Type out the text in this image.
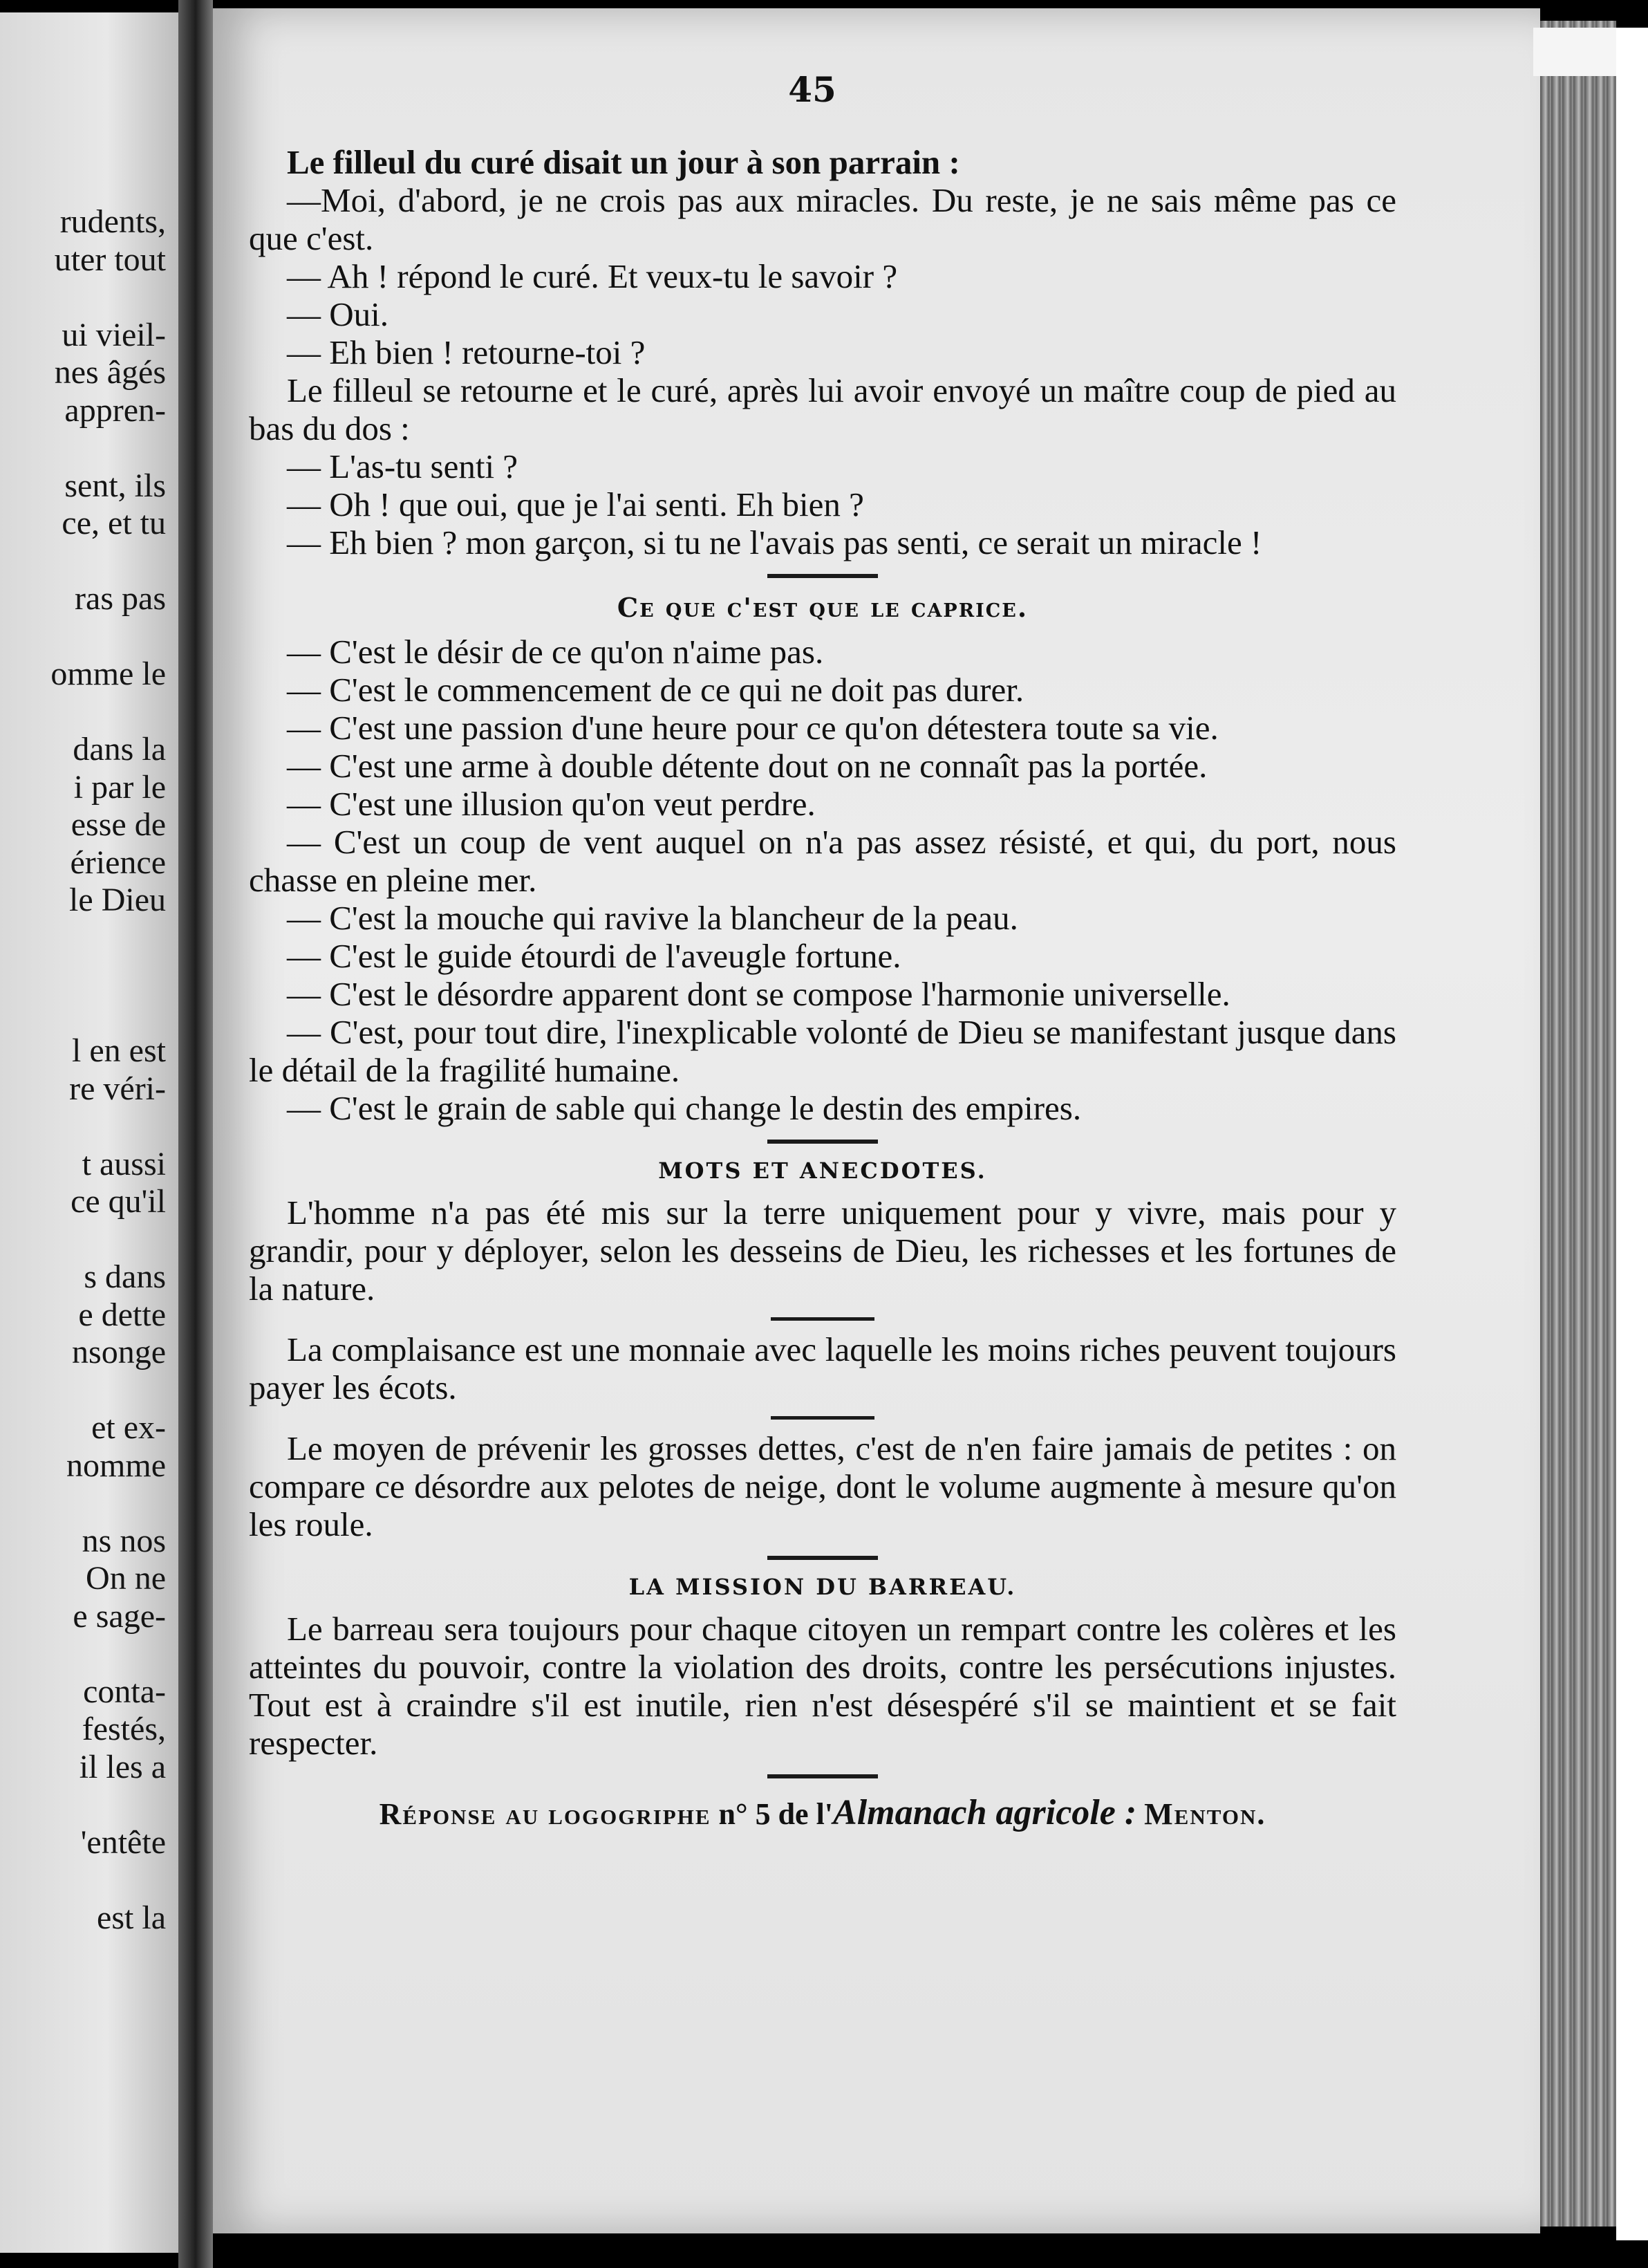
rudents,
uter tout
ui vieil-
nes âgés
appren-
sent, ils
ce, et tu
ras pas
omme le
dans la
i par le
esse de
érience
le Dieu
l en est
re véri-
t aussi
ce qu'il
s dans
e dette
nsonge
et ex-
nomme
ns nos
On ne
e sage-
conta-
festés,
il les a
'entête
est la
45

Le filleul du curé disait un jour à son parrain :

—Moi, d'abord, je ne crois pas aux miracles. Du reste, je ne sais même pas ce que c'est.

— Ah ! répond le curé. Et veux-tu le savoir ?

— Oui.

— Eh bien ! retourne-toi ?

Le filleul se retourne et le curé, après lui avoir envoyé un maître coup de pied au bas du dos :

— L'as-tu senti ?

— Oh ! que oui, que je l'ai senti. Eh bien ?

— Eh bien ? mon garçon, si tu ne l'avais pas senti, ce serait un miracle !

Ce que c'est que le caprice.

— C'est le désir de ce qu'on n'aime pas.

— C'est le commencement de ce qui ne doit pas durer.

— C'est une passion d'une heure pour ce qu'on détestera toute sa vie.

— C'est une arme à double détente dout on ne connaît pas la portée.

— C'est une illusion qu'on veut perdre.

— C'est un coup de vent auquel on n'a pas assez résisté, et qui, du port, nous chasse en pleine mer.

— C'est la mouche qui ravive la blancheur de la peau.

— C'est le guide étourdi de l'aveugle fortune.

— C'est le désordre apparent dont se compose l'harmonie universelle.

— C'est, pour tout dire, l'inexplicable volonté de Dieu se manifestant jusque dans le détail de la fragilité humaine.

— C'est le grain de sable qui change le destin des empires.

MOTS ET ANECDOTES.

L'homme n'a pas été mis sur la terre uniquement pour y vivre, mais pour y grandir, pour y déployer, selon les desseins de Dieu, les richesses et les fortunes de la nature.

La complaisance est une monnaie avec laquelle les moins riches peuvent toujours payer les écots.

Le moyen de prévenir les grosses dettes, c'est de n'en faire jamais de petites : on compare ce désordre aux pelotes de neige, dont le volume augmente à mesure qu'on les roule.

LA MISSION DU BARREAU.

Le barreau sera toujours pour chaque citoyen un rempart contre les colères et les atteintes du pouvoir, contre la violation des droits, contre les persécutions injustes. Tout est à craindre s'il est inutile, rien n'est désespéré s'il se maintient et se fait respecter.

Réponse au logogriphe n° 5 de l'Almanach agricole : Menton.
